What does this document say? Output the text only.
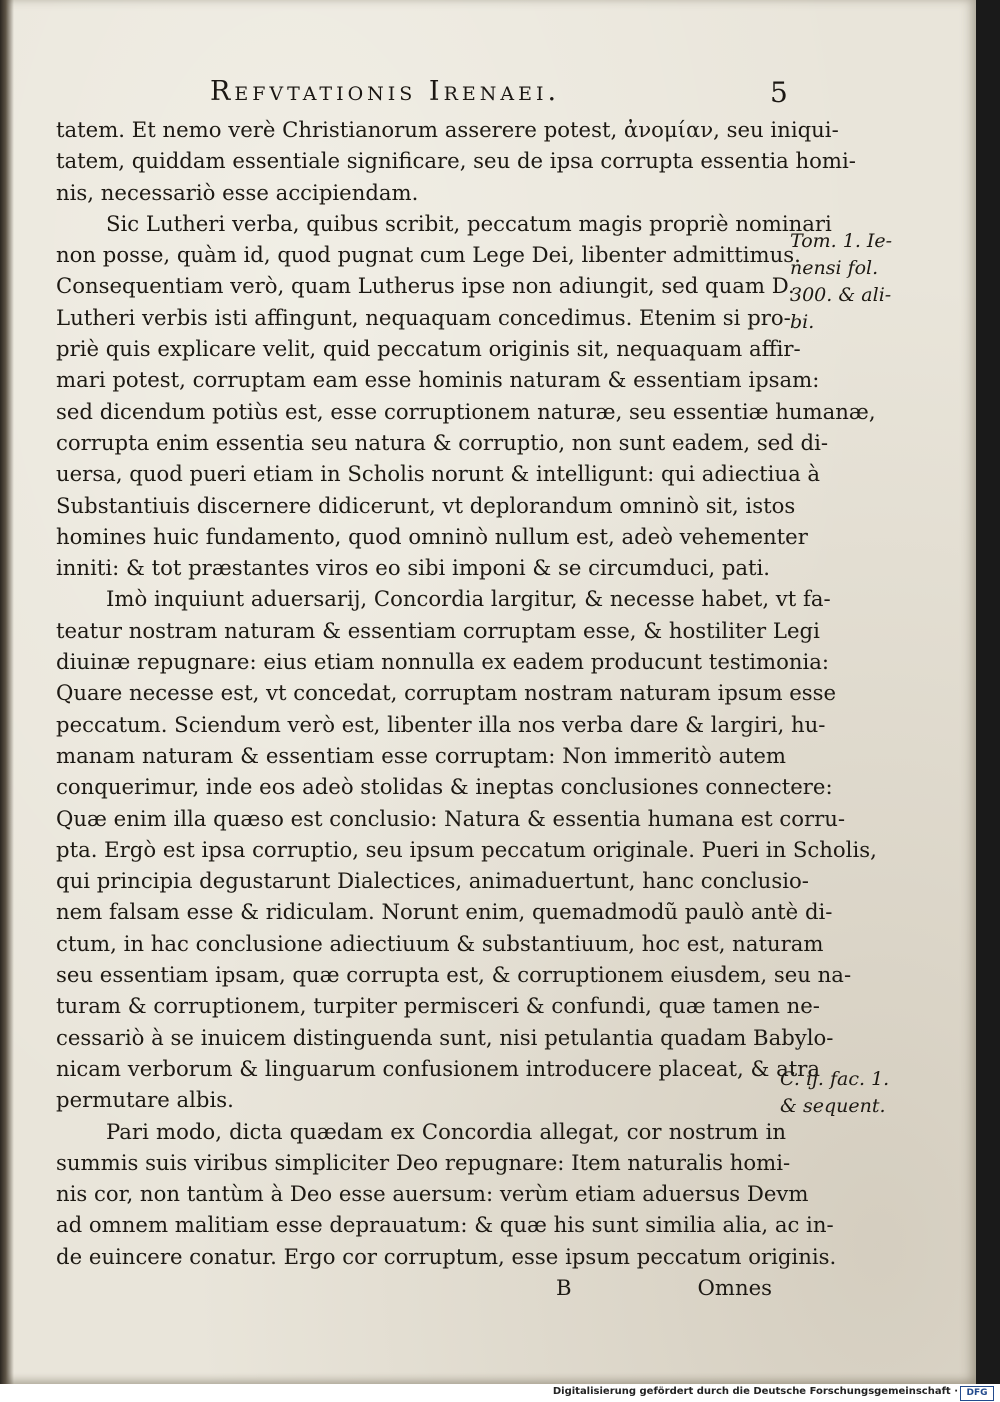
Refvtationis Irenaei.	5
tatem. Et nemo verè Christianorum asserere potest, ἀνομίαν, seu iniqui-
tatem, quiddam essentiale significare, seu de ipsa corrupta essentia homi-
nis, necessariò esse accipiendam.
Sic Lutheri verba, quibus scribit, peccatum magis propriè nominari
non posse, quàm id, quod pugnat cum Lege Dei, libenter admittimus.
Consequentiam verò, quam Lutherus ipse non adiungit, sed quam D.
Lutheri verbis isti affingunt, nequaquam concedimus. Etenim si pro-
priè quis explicare velit, quid peccatum originis sit, nequaquam affir-
mari potest, corruptam eam esse hominis naturam & essentiam ipsam:
sed dicendum potiùs est, esse corruptionem naturæ, seu essentiæ humanæ,
corrupta enim essentia seu natura & corruptio, non sunt eadem, sed di-
uersa, quod pueri etiam in Scholis norunt & intelligunt: qui adiectiua à
Substantiuis discernere didicerunt, vt deplorandum omninò sit, istos
homines huic fundamento, quod omninò nullum est, adeò vehementer
inniti: & tot præstantes viros eo sibi imponi & se circumduci, pati.
Imò inquiunt aduersarij, Concordia largitur, & necesse habet, vt fa-
teatur nostram naturam & essentiam corruptam esse, & hostiliter Legi
diuinæ repugnare: eius etiam nonnulla ex eadem producunt testimonia:
Quare necesse est, vt concedat, corruptam nostram naturam ipsum esse
peccatum. Sciendum verò est, libenter illa nos verba dare & largiri, hu-
manam naturam & essentiam esse corruptam: Non immeritò autem
conquerimur, inde eos adeò stolidas & ineptas conclusiones connectere:
Quæ enim illa quæso est conclusio: Natura & essentia humana est corru-
pta. Ergò est ipsa corruptio, seu ipsum peccatum originale. Pueri in Scholis,
qui principia degustarunt Dialectices, animaduertunt, hanc conclusio-
nem falsam esse & ridiculam. Norunt enim, quemadmodũ paulò antè di-
ctum, in hac conclusione adiectiuum & substantiuum, hoc est, naturam
seu essentiam ipsam, quæ corrupta est, & corruptionem eiusdem, seu na-
turam & corruptionem, turpiter permisceri & confundi, quæ tamen ne-
cessariò à se inuicem distinguenda sunt, nisi petulantia quadam Babylo-
nicam verborum & linguarum confusionem introducere placeat, & atra
permutare albis.
Pari modo, dicta quædam ex Concordia allegat, cor nostrum in
summis suis viribus simpliciter Deo repugnare: Item naturalis homi-
nis cor, non tantùm à Deo esse auersum: verùm etiam aduersus Devm
ad omnem malitiam esse deprauatum: & quæ his sunt similia alia, ac in-
de euincere conatur. Ergo cor corruptum, esse ipsum peccatum originis.
B Omnes
Tom. 1. Ie-
nensi fol.
300. & ali-
bi.
C. ij. fac. 1.
& sequent.
Digitalisierung gefördert durch die Deutsche Forschungsgemeinschaft · DFG
